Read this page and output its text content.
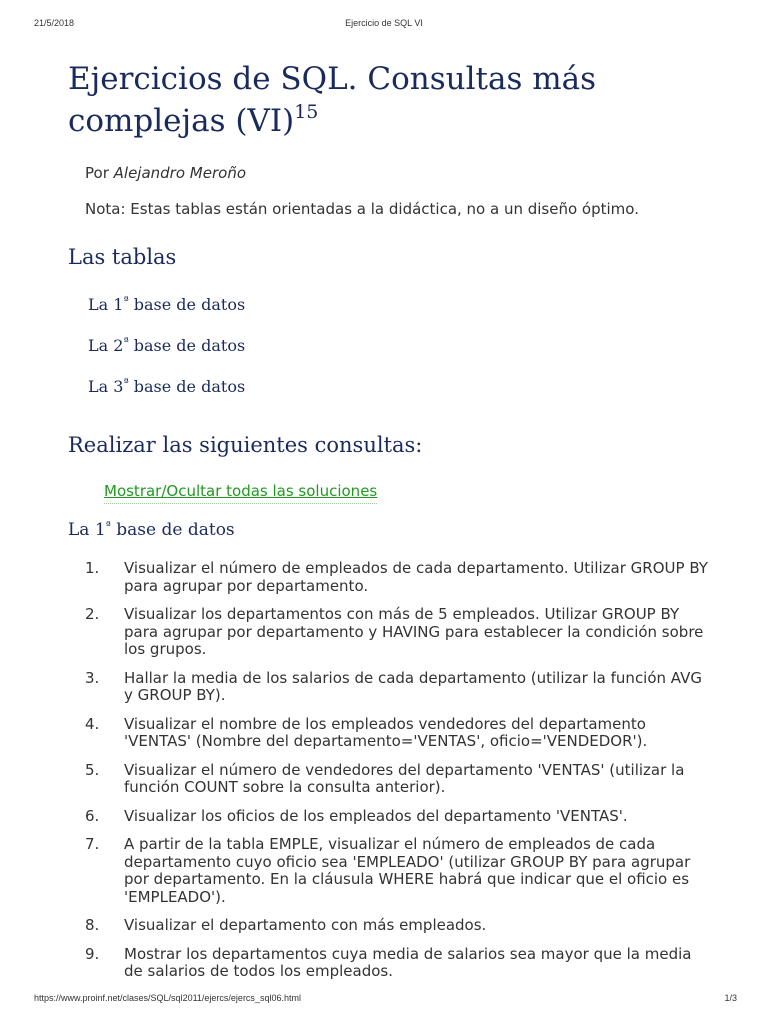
21/5/2018	Ejercicio de SQL VI
Ejercicios de SQL. Consultas más complejas (VI)$^{15}$

Por Alejandro Meroño

Nota: Estas tablas están orientadas a la didáctica, no a un diseño óptimo.

Las tablas
La 1$^ª$ base de datos
La 2$^ª$ base de datos
La 3$^ª$ base de datos
Realizar las siguientes consultas:
Mostrar/Ocultar todas las soluciones
La $1^ª$ base de datos
1. Visualizar el número de empleados de cada departamento. Utilizar GROUP BY para agrupar por departamento.
2. Visualizar los departamentos con más de 5 empleados. Utilizar GROUP BY para agrupar por departamento y HAVING para establecer la condición sobre los grupos.
3. Hallar la media de los salarios de cada departamento (utilizar la función AVG y GROUP BY).
4. Visualizar el nombre de los empleados vendedores del departamento 'VENTAS' (Nombre del departamento='VENTAS', oficio='VENDEDOR').
5. Visualizar el número de vendedores del departamento 'VENTAS' (utilizar la función COUNT sobre la consulta anterior).
6. Visualizar los oficios de los empleados del departamento 'VENTAS'.
7. A partir de la tabla EMPLE, visualizar el número de empleados de cada departamento cuyo oficio sea 'EMPLEADO' (utilizar GROUP BY para agrupar por departamento. En la cláusula WHERE habrá que indicar que el oficio es 'EMPLEADO').
8. Visualizar el departamento con más empleados.
9. Mostrar los departamentos cuya media de salarios sea mayor que la media de salarios de todos los empleados.
https://www.proinf.net/clases/SQL/sql2011/ejercs/ejercs_sql06.html	1/3
